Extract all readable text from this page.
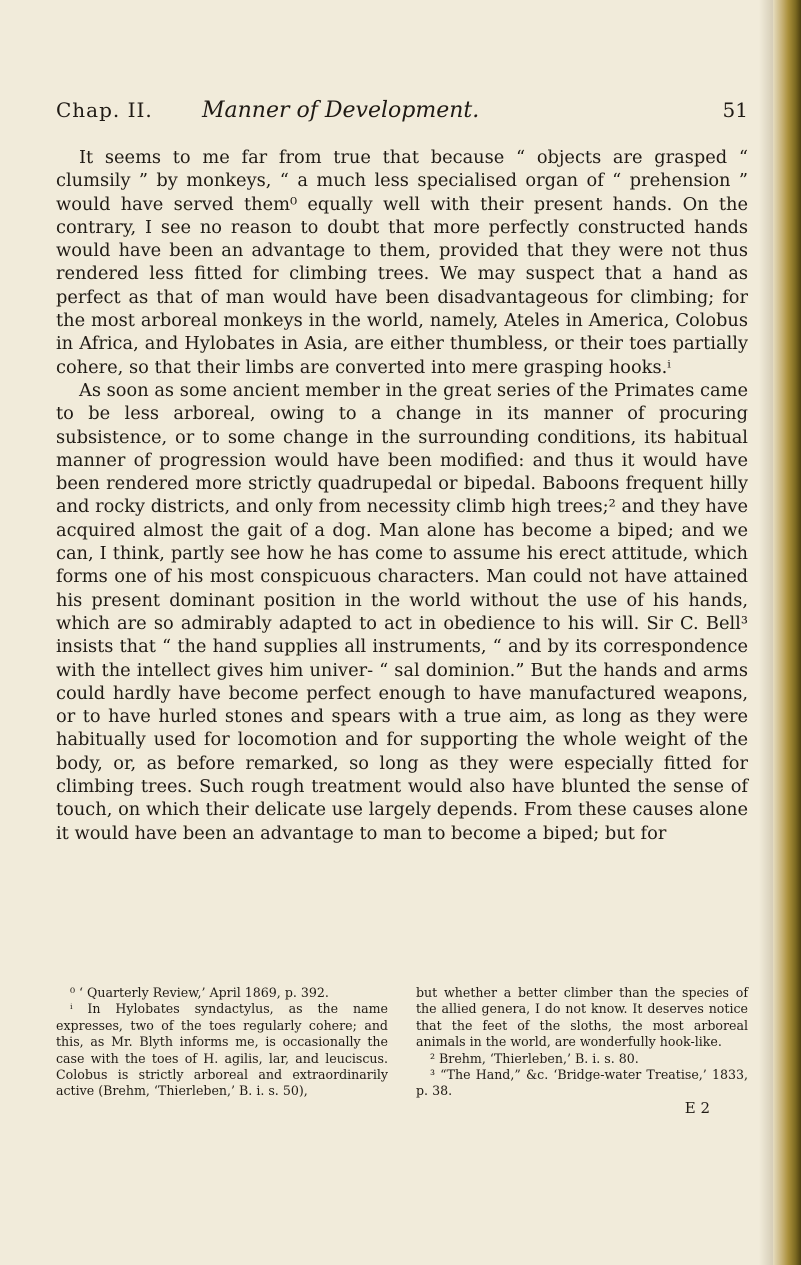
Chap. II. Manner of Development.	51

It seems to me far from true that because “ objects are grasped “ clumsily ” by monkeys, “ a much less specialised organ of “ prehension ” would have served them⁰ equally well with their present hands. On the contrary, I see no reason to doubt that more perfectly constructed hands would have been an advantage to them, provided that they were not thus rendered less fitted for climbing trees. We may suspect that a hand as perfect as that of man would have been disadvantageous for climbing; for the most arboreal monkeys in the world, namely, Ateles in America, Colobus in Africa, and Hylobates in Asia, are either thumbless, or their toes partially cohere, so that their limbs are converted into mere grasping hooks.ⁱ

As soon as some ancient member in the great series of the Primates came to be less arboreal, owing to a change in its manner of procuring subsistence, or to some change in the surrounding conditions, its habitual manner of progression would have been modified: and thus it would have been rendered more strictly quadrupedal or bipedal. Baboons frequent hilly and rocky districts, and only from necessity climb high trees;² and they have acquired almost the gait of a dog. Man alone has become a biped; and we can, I think, partly see how he has come to assume his erect attitude, which forms one of his most conspicuous characters. Man could not have attained his present dominant position in the world without the use of his hands, which are so admirably adapted to act in obedience to his will. Sir C. Bell³ insists that “ the hand supplies all instruments, “ and by its correspondence with the intellect gives him univer- “ sal dominion.” But the hands and arms could hardly have become perfect enough to have manufactured weapons, or to have hurled stones and spears with a true aim, as long as they were habitually used for locomotion and for supporting the whole weight of the body, or, as before remarked, so long as they were especially fitted for climbing trees. Such rough treatment would also have blunted the sense of touch, on which their delicate use largely depends. From these causes alone it would have been an advantage to man to become a biped; but for

⁰ ‘ Quarterly Review,’ April 1869, p. 392.

ⁱ In Hylobates syndactylus, as the name expresses, two of the toes regularly cohere; and this, as Mr. Blyth informs me, is occasionally the case with the toes of H. agilis, lar, and leuciscus. Colobus is strictly arboreal and extraordinarily active (Brehm, ‘Thierleben,’ B. i. s. 50),

but whether a better climber than the species of the allied genera, I do not know. It deserves notice that the feet of the sloths, the most arboreal animals in the world, are wonderfully hook-like.

² Brehm, ‘Thierleben,’ B. i. s. 80.

³ “The Hand,” &c. ‘Bridge-water Treatise,’ 1833, p. 38.

E 2
